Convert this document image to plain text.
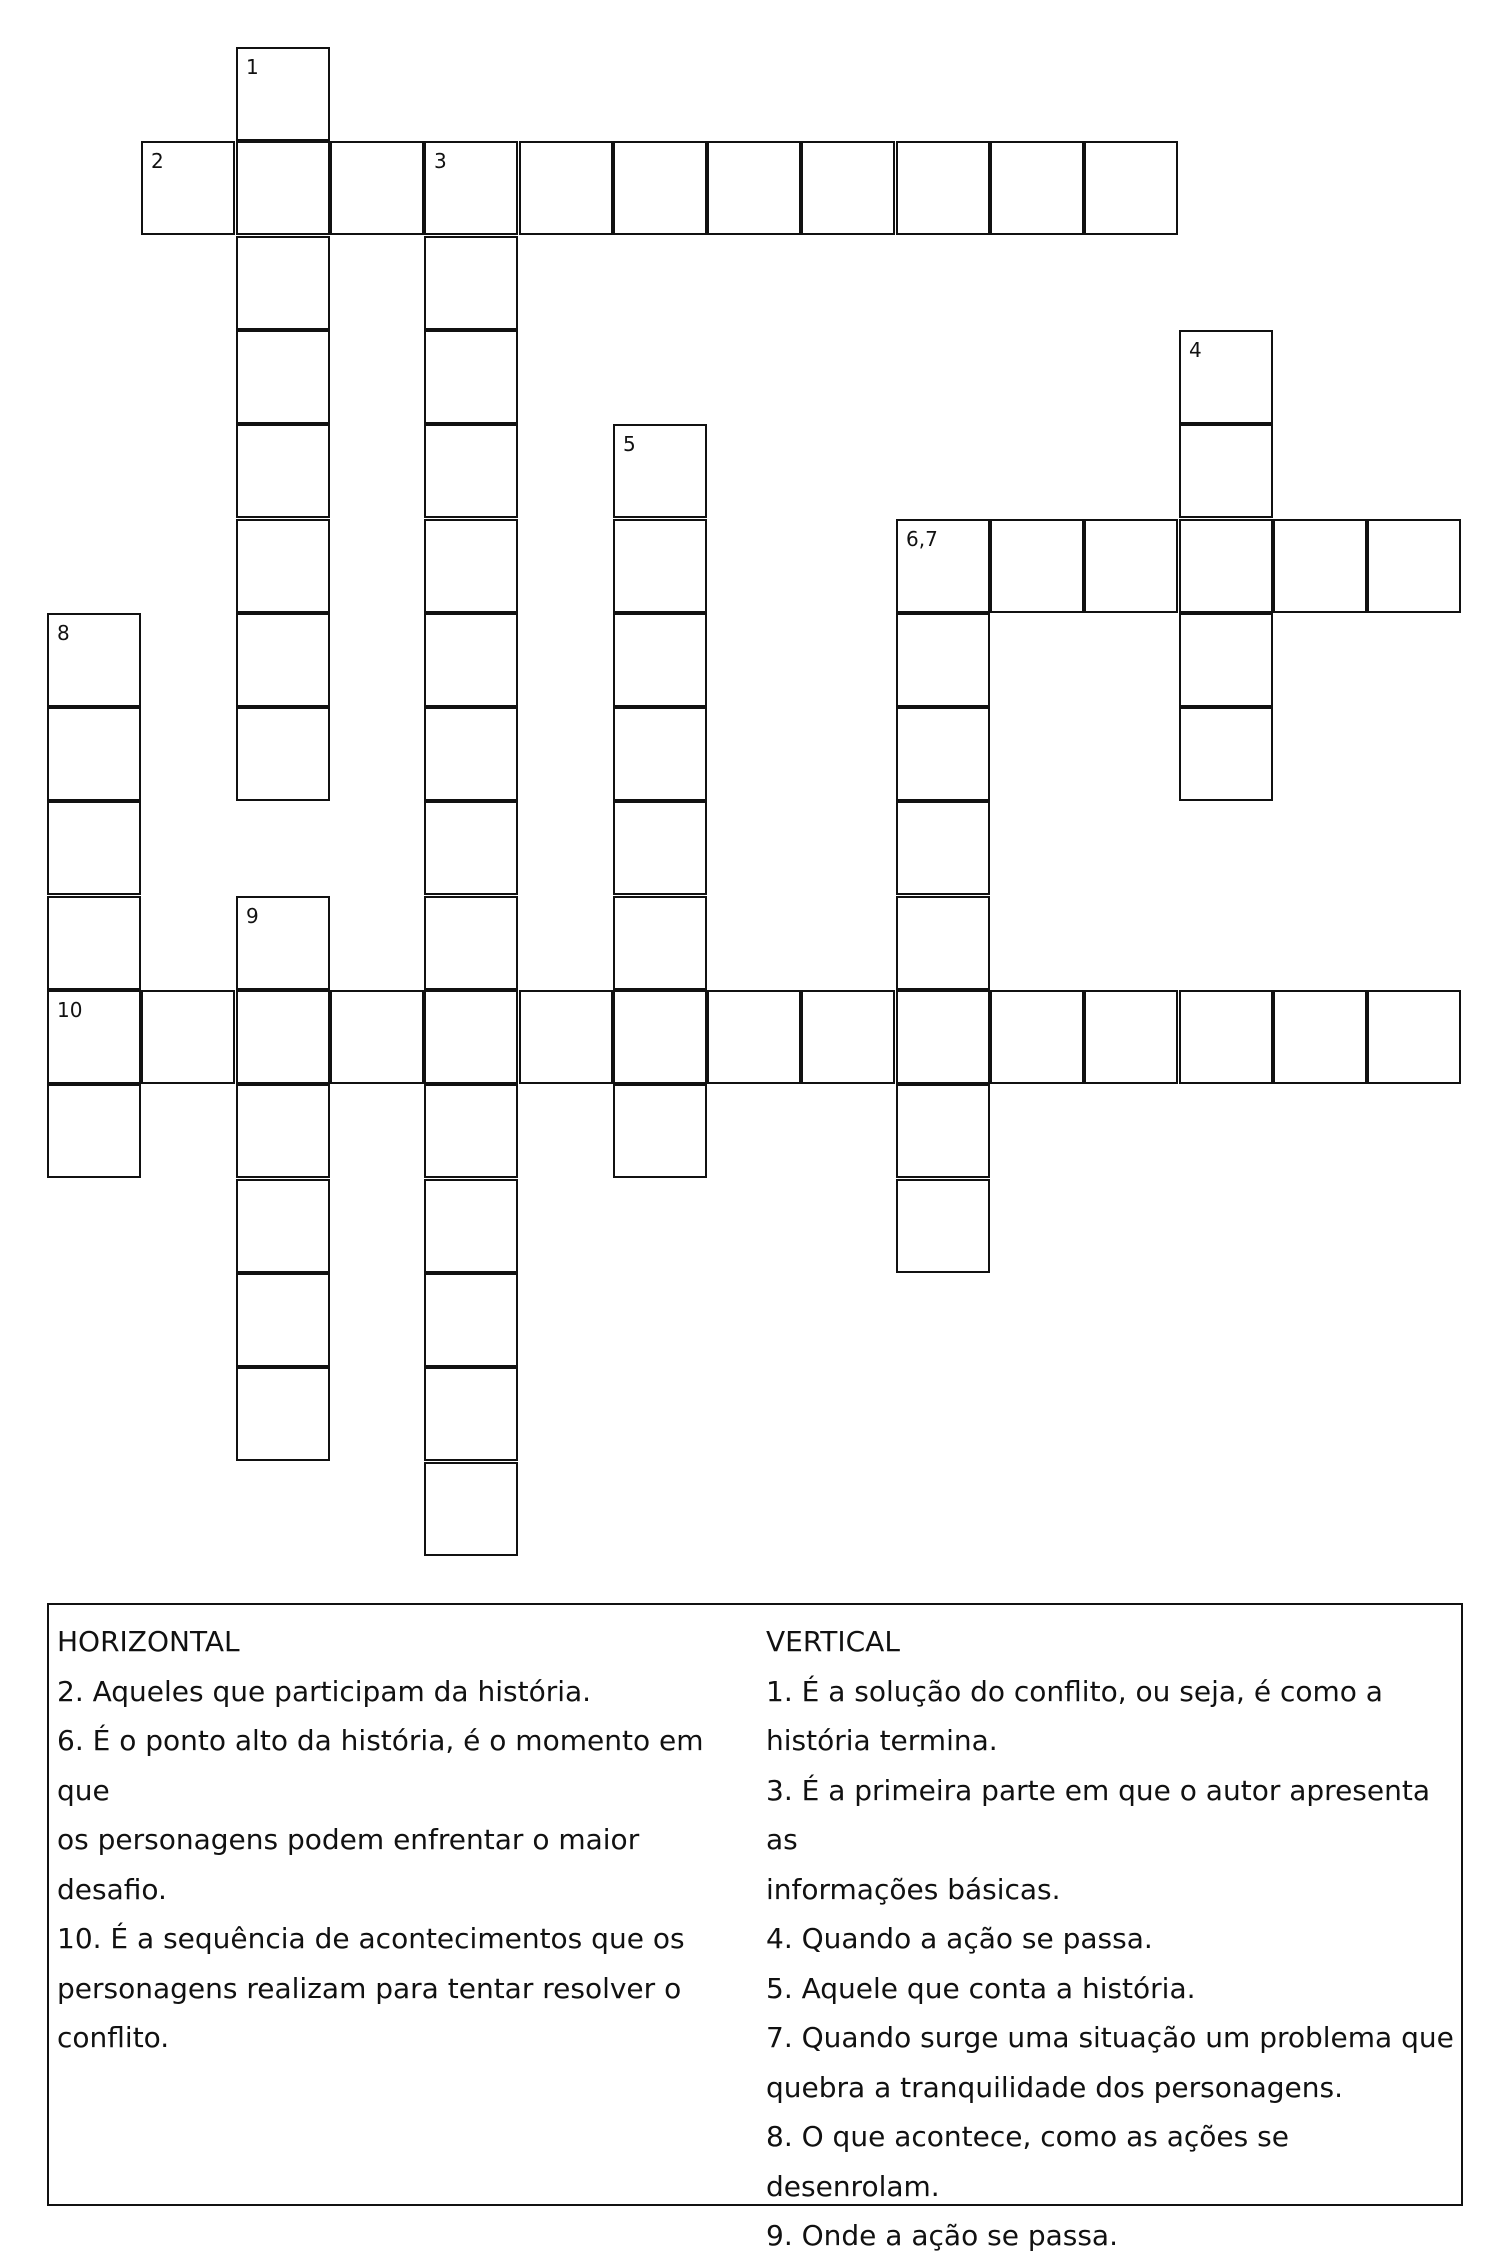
1
2	3
4
5
6,7
8
9
10
HORIZONTAL
2. Aqueles que participam da história.
6. É o ponto alto da história, é o momento em que
os personagens podem enfrentar o maior desafio.
10. É a sequência de acontecimentos que os
personagens realizam para tentar resolver o
conflito.
VERTICAL
1. É a solução do conflito, ou seja, é como a
história termina.
3. É a primeira parte em que o autor apresenta as
informações básicas.
4. Quando a ação se passa.
5. Aquele que conta a história.
7. Quando surge uma situação um problema que
quebra a tranquilidade dos personagens.
8. O que acontece, como as ações se desenrolam.
9. Onde a ação se passa.
